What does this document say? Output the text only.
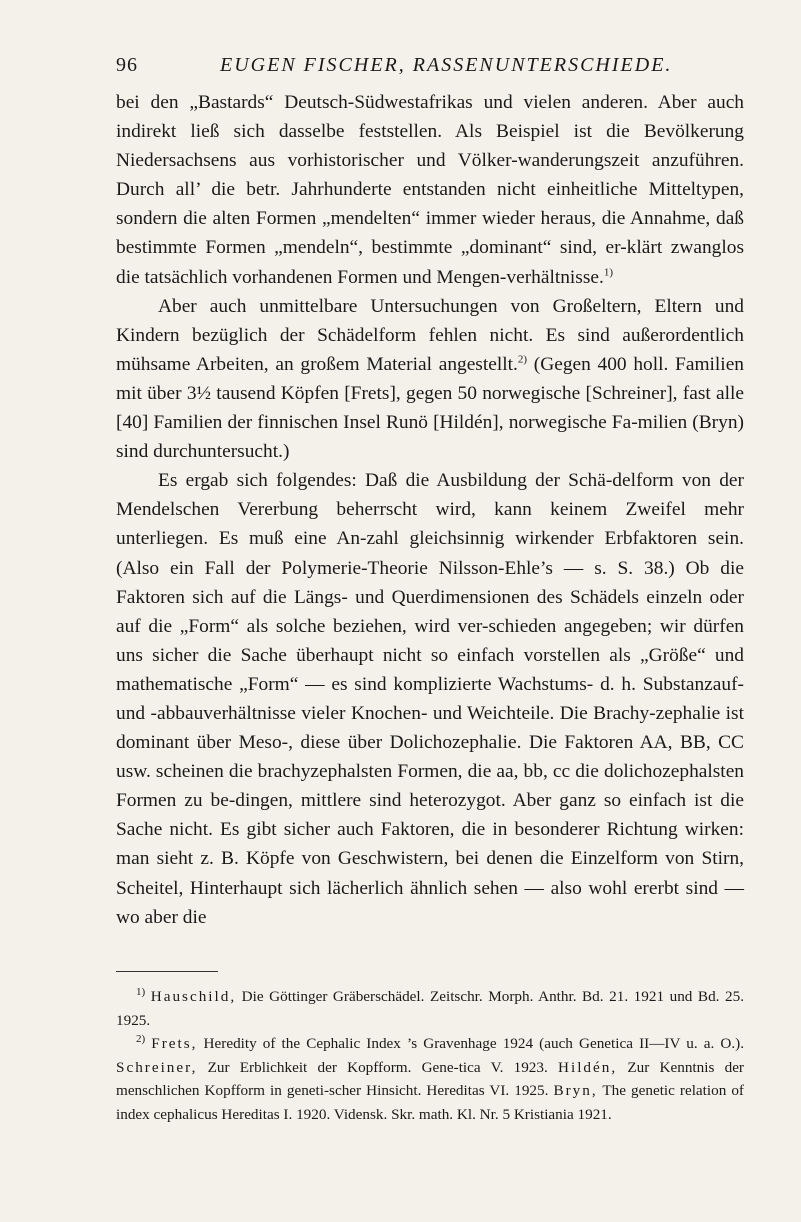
96	EUGEN FISCHER, RASSENUNTERSCHIEDE.

bei den „Bastards“ Deutsch-Südwestafrikas und vielen anderen. Aber auch indirekt ließ sich dasselbe feststellen. Als Beispiel ist die Bevölkerung Niedersachsens aus vorhistorischer und Völker-wanderungszeit anzuführen. Durch all’ die betr. Jahrhunderte entstanden nicht einheitliche Mitteltypen, sondern die alten Formen „mendelten“ immer wieder heraus, die Annahme, daß bestimmte Formen „mendeln“, bestimmte „dominant“ sind, er-klärt zwanglos die tatsächlich vorhandenen Formen und Mengen-verhältnisse.$^{1)}$

Aber auch unmittelbare Untersuchungen von Großeltern, Eltern und Kindern bezüglich der Schädelform fehlen nicht. Es sind außerordentlich mühsame Arbeiten, an großem Material angestellt.$^{2)}$ (Gegen 400 holl. Familien mit über 3½ tausend Köpfen [Frets], gegen 50 norwegische [Schreiner], fast alle [40] Familien der finnischen Insel Runö [Hildén], norwegische Fa-milien (Bryn) sind durchuntersucht.)

Es ergab sich folgendes: Daß die Ausbildung der Schä-delform von der Mendelschen Vererbung beherrscht wird, kann keinem Zweifel mehr unterliegen. Es muß eine An-zahl gleichsinnig wirkender Erbfaktoren sein. (Also ein Fall der Polymerie-Theorie Nilsson-Ehle’s — s. S. 38.) Ob die Faktoren sich auf die Längs- und Querdimensionen des Schädels einzeln oder auf die „Form“ als solche beziehen, wird ver-schieden angegeben; wir dürfen uns sicher die Sache überhaupt nicht so einfach vorstellen als „Größe“ und mathematische „Form“ — es sind komplizierte Wachstums- d. h. Substanzauf- und -abbauverhältnisse vieler Knochen- und Weichteile. Die Brachy-zephalie ist dominant über Meso-, diese über Dolichozephalie. Die Faktoren AA, BB, CC usw. scheinen die brachyzephalsten Formen, die aa, bb, cc die dolichozephalsten Formen zu be-dingen, mittlere sind heterozygot. Aber ganz so einfach ist die Sache nicht. Es gibt sicher auch Faktoren, die in besonderer Richtung wirken: man sieht z. B. Köpfe von Geschwistern, bei denen die Einzelform von Stirn, Scheitel, Hinterhaupt sich lächerlich ähnlich sehen — also wohl ererbt sind — wo aber die

$^{1)}$ Hauschild, Die Göttinger Gräberschädel. Zeitschr. Morph. Anthr. Bd. 21. 1921 und Bd. 25. 1925.

$^{2)}$ Frets, Heredity of the Cephalic Index ’s Gravenhage 1924 (auch Genetica II—IV u. a. O.). Schreiner, Zur Erblichkeit der Kopfform. Gene-tica V. 1923. Hildén, Zur Kenntnis der menschlichen Kopfform in geneti-scher Hinsicht. Hereditas VI. 1925. Bryn, The genetic relation of index cephalicus Hereditas I. 1920. Vidensk. Skr. math. Kl. Nr. 5 Kristiania 1921.
